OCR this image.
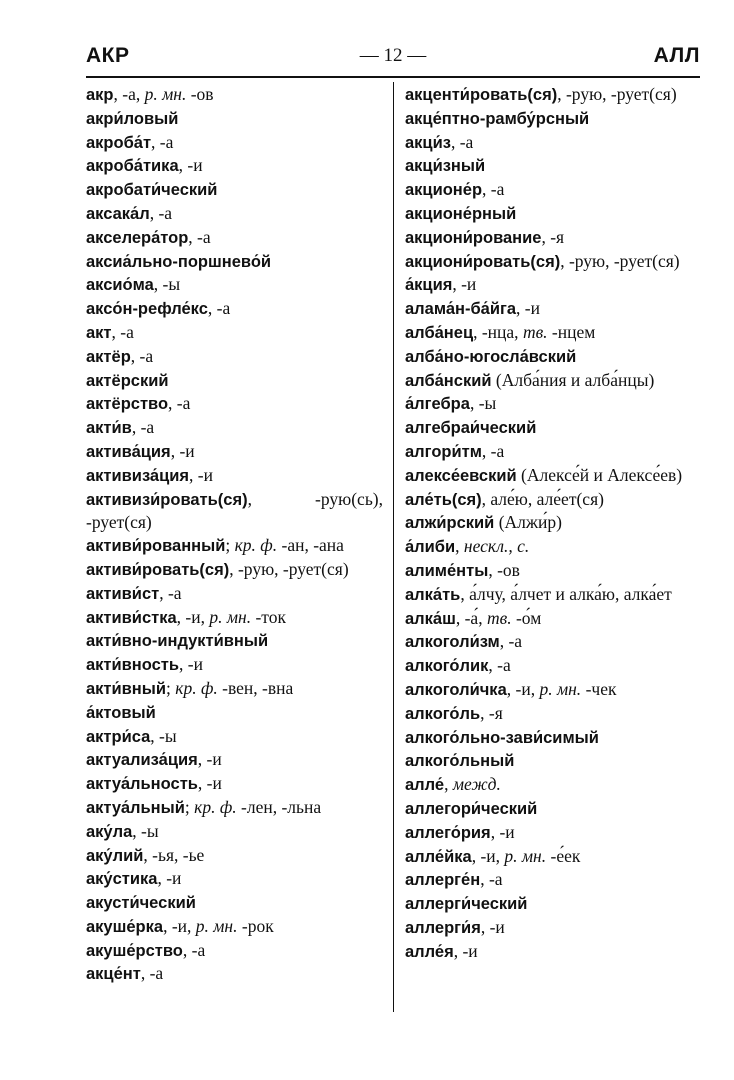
АКР	— 12 —	АЛЛ

акр, -а, р. мн. -ов

акри́ловый

акроба́т, -а

акроба́тика, -и

акробати́ческий

аксака́л, -а

акселера́тор, -а

аксиа́льно-поршнево́й

аксио́ма, -ы

аксо́н-рефле́кс, -а

акт, -а

актёр, -а

актёрский

актёрство, -а

акти́в, -а

актива́ция, -и

активиза́ция, -и

активизи́ровать(ся), -рую(сь), -рует(ся)

активи́рованный; кр. ф. -ан, -ана

активи́ровать(ся), -рую, -рует(ся)

активи́ст, -а

активи́стка, -и, р. мн. -ток

акти́вно-индукти́вный

акти́вность, -и

акти́вный; кр. ф. -вен, -вна

а́ктовый

актри́са, -ы

актуализа́ция, -и

актуа́льность, -и

актуа́льный; кр. ф. -лен, -льна

аку́ла, -ы

аку́лий, -ья, -ье

аку́стика, -и

акусти́ческий

акуше́рка, -и, р. мн. -рок

акуше́рство, -а

акце́нт, -а

акценти́ровать(ся), -рую, -рует(ся)

акце́птно-рамбу́рсный

акци́з, -а

акци́зный

акционе́р, -а

акционе́рный

акциони́рование, -я

акциони́ровать(ся), -рую, -рует(ся)

а́кция, -и

алама́н-ба́йга, -и

алба́нец, -нца, тв. -нцем

алба́но-югосла́вский

алба́нский (Алба́ния и алба́нцы)

а́лгебра, -ы

алгебраи́ческий

алгори́тм, -а

алексе́евский (Алексе́й и Алексе́ев)

але́ть(ся), але́ю, але́ет(ся)

алжи́рский (Алжи́р)

а́либи, нескл., с.

алиме́нты, -ов

алка́ть, а́лчу, а́лчет и алка́ю, алка́ет

алка́ш, -а́, тв. -о́м

алкоголи́зм, -а

алкого́лик, -а

алкоголи́чка, -и, р. мн. -чек

алкого́ль, -я

алкого́льно-зави́симый

алкого́льный

алле́, межд.

аллегори́ческий

аллего́рия, -и

алле́йка, -и, р. мн. -е́ек

аллерге́н, -а

аллерги́ческий

аллерги́я, -и

алле́я, -и
